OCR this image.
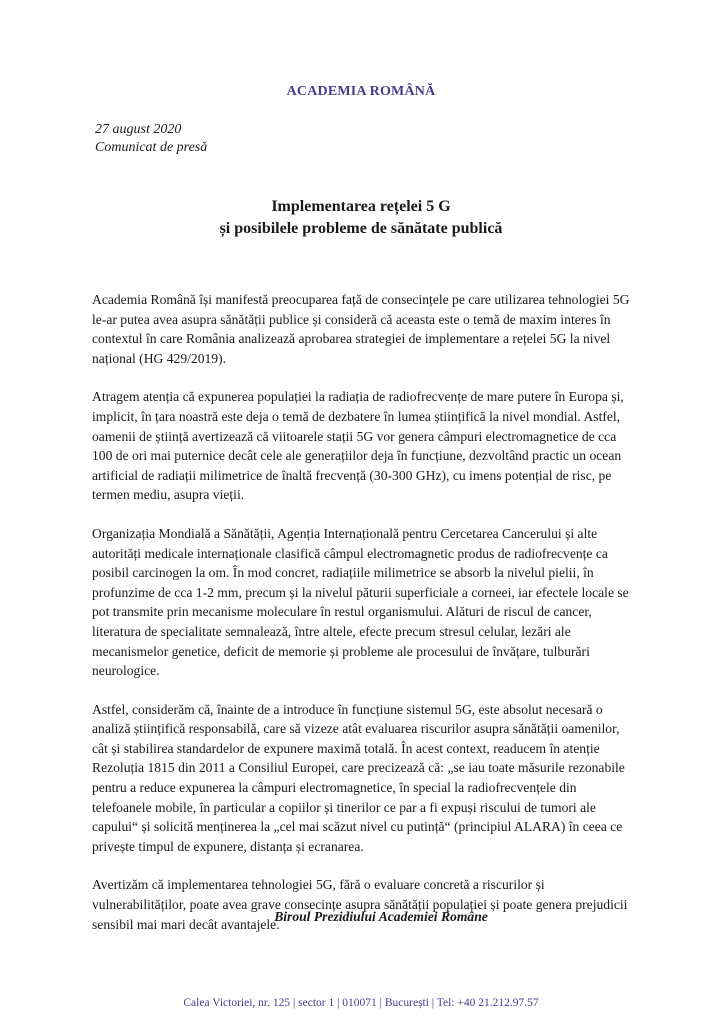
ACADEMIA ROMÂNĂ
27 august 2020
Comunicat de presă
Implementarea rețelei 5 G
și posibilele probleme de sănătate publică

Academia Română își manifestă preocuparea față de consecințele pe care utilizarea tehnologiei 5G le-ar putea avea asupra sănătății publice și consideră că aceasta este o temă de maxim interes în contextul în care România analizează aprobarea strategiei de implementare a rețelei 5G la nivel național (HG 429/2019).

Atragem atenția că expunerea populației la radiația de radiofrecvențe de mare putere în Europa și, implicit, în țara noastră este deja o temă de dezbatere în lumea științifică la nivel mondial. Astfel, oamenii de știință avertizează că viitoarele stații 5G vor genera câmpuri electromagnetice de cca 100 de ori mai puternice decât cele ale generațiilor deja în funcțiune, dezvoltând practic un ocean artificial de radiații milimetrice de înaltă frecvență (30-300 GHz), cu imens potențial de risc, pe termen mediu, asupra vieții.

Organizația Mondială a Sănătății, Agenția Internațională pentru Cercetarea Cancerului și alte autorități medicale internaționale clasifică câmpul electromagnetic produs de radiofrecvențe ca posibil carcinogen la om. În mod concret, radiațiile milimetrice se absorb la nivelul pielii, în profunzime de cca 1-2 mm, precum și la nivelul păturii superficiale a corneei, iar efectele locale se pot transmite prin mecanisme moleculare în restul organismului. Alături de riscul de cancer, literatura de specialitate semnalează, între altele, efecte precum stresul celular, lezări ale mecanismelor genetice, deficit de memorie și probleme ale procesului de învățare, tulburări neurologice.

Astfel, considerăm că, înainte de a introduce în funcțiune sistemul 5G, este absolut necesară o analiză științifică responsabilă, care să vizeze atât evaluarea riscurilor asupra sănătății oamenilor, cât și stabilirea standardelor de expunere maximă totală. În acest context, readucem în atenție Rezoluția 1815 din 2011 a Consiliul Europei, care precizează că: „se iau toate măsurile rezonabile pentru a reduce expunerea la câmpuri electromagnetice, în special la radiofrecvențele din telefoanele mobile, în particular a copiilor și tinerilor ce par a fi expuși riscului de tumori ale capului“ și solicită menținerea la „cel mai scăzut nivel cu putință“ (principiul ALARA) în ceea ce privește timpul de expunere, distanța și ecranarea.

Avertizăm că implementarea tehnologiei 5G, fără o evaluare concretă a riscurilor și vulnerabilităților, poate avea grave consecințe asupra sănătății populației și poate genera prejudicii sensibil mai mari decât avantajele.

Biroul Prezidiului Academiei Române
Calea Victoriei, nr. 125 | sector 1 | 010071 | București | Tel: +40 21.212.97.57
